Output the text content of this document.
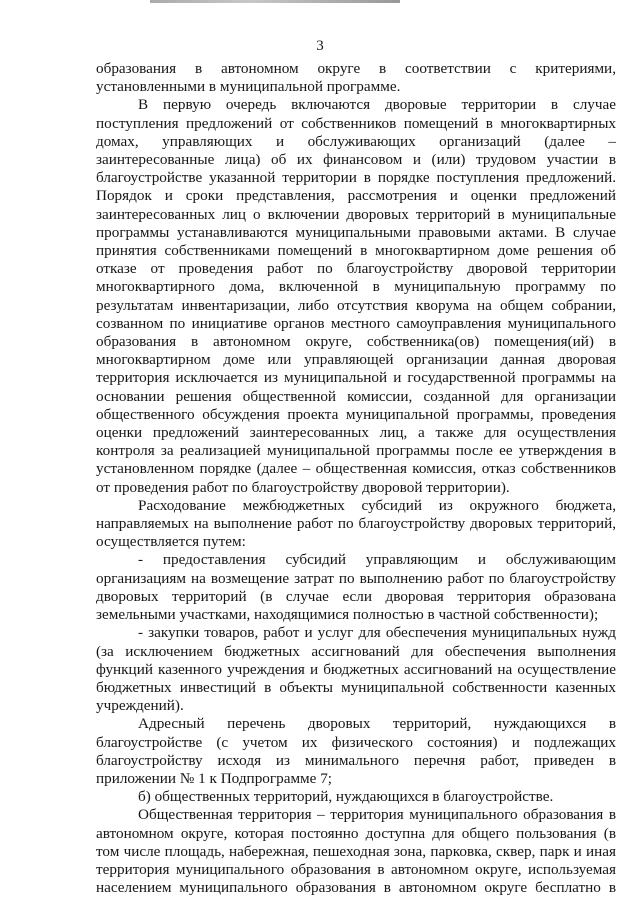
3

образования в автономном округе в соответствии с критериями, установленными в муниципальной программе.

В первую очередь включаются дворовые территории в случае поступления предложений от собственников помещений в многоквартирных домах, управляющих и обслуживающих организаций (далее – заинтересованные лица) об их финансовом и (или) трудовом участии в благоустройстве указанной территории в порядке поступления предложений. Порядок и сроки представления, рассмотрения и оценки предложений заинтересованных лиц о включении дворовых территорий в муниципальные программы устанавливаются муниципальными правовыми актами. В случае принятия собственниками помещений в многоквартирном доме решения об отказе от проведения работ по благоустройству дворовой территории многоквартирного дома, включенной в муниципальную программу по результатам инвентаризации, либо отсутствия кворума на общем собрании, созванном по инициативе органов местного самоуправления муниципального образования в автономном округе, собственника(ов) помещения(ий) в многоквартирном доме или управляющей организации данная дворовая территория исключается из муниципальной и государственной программы на основании решения общественной комиссии, созданной для организации общественного обсуждения проекта муниципальной программы, проведения оценки предложений заинтересованных лиц, а также для осуществления контроля за реализацией муниципальной программы после ее утверждения в установленном порядке (далее – общественная комиссия, отказ собственников от проведения работ по благоустройству дворовой территории).

Расходование межбюджетных субсидий из окружного бюджета, направляемых на выполнение работ по благоустройству дворовых территорий, осуществляется путем:

- предоставления субсидий управляющим и обслуживающим организациям на возмещение затрат по выполнению работ по благоустройству дворовых территорий (в случае если дворовая территория образована земельными участками, находящимися полностью в частной собственности);

- закупки товаров, работ и услуг для обеспечения муниципальных нужд (за исключением бюджетных ассигнований для обеспечения выполнения функций казенного учреждения и бюджетных ассигнований на осуществление бюджетных инвестиций в объекты муниципальной собственности казенных учреждений).

Адресный перечень дворовых территорий, нуждающихся в благоустройстве (с учетом их физического состояния) и подлежащих благоустройству исходя из минимального перечня работ, приведен в приложении № 1 к Подпрограмме 7;

б) общественных территорий, нуждающихся в благоустройстве.

Общественная территория – территория муниципального образования в автономном округе, которая постоянно доступна для общего пользования (в том числе площадь, набережная, пешеходная зона, парковка, сквер, парк и иная территория муниципального образования в автономном округе, используемая населением муниципального образования в автономном округе бесплатно в
